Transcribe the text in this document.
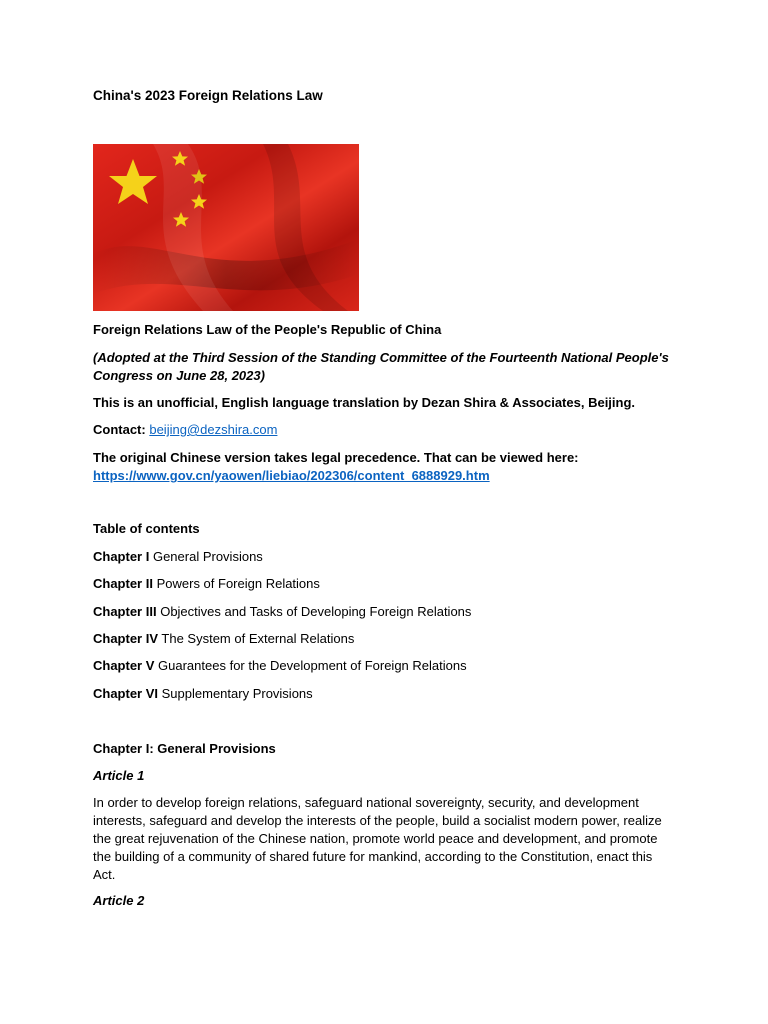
China's 2023 Foreign Relations Law
Foreign Relations Law of the People's Republic of China
(Adopted at the Third Session of the Standing Committee of the Fourteenth National People's Congress on June 28, 2023)
This is an unofficial, English language translation by Dezan Shira & Associates, Beijing.
Contact: beijing@dezshira.com
The original Chinese version takes legal precedence. That can be viewed here:
https://www.gov.cn/yaowen/liebiao/202306/content_6888929.htm
Table of contents
Chapter I General Provisions
Chapter II Powers of Foreign Relations
Chapter III Objectives and Tasks of Developing Foreign Relations
Chapter IV The System of External Relations
Chapter V Guarantees for the Development of Foreign Relations
Chapter VI Supplementary Provisions
Chapter I: General Provisions
Article 1
In order to develop foreign relations, safeguard national sovereignty, security, and development interests, safeguard and develop the interests of the people, build a socialist modern power, realize the great rejuvenation of the Chinese nation, promote world peace and development, and promote the building of a community of shared future for mankind, according to the Constitution, enact this Act.
Article 2
